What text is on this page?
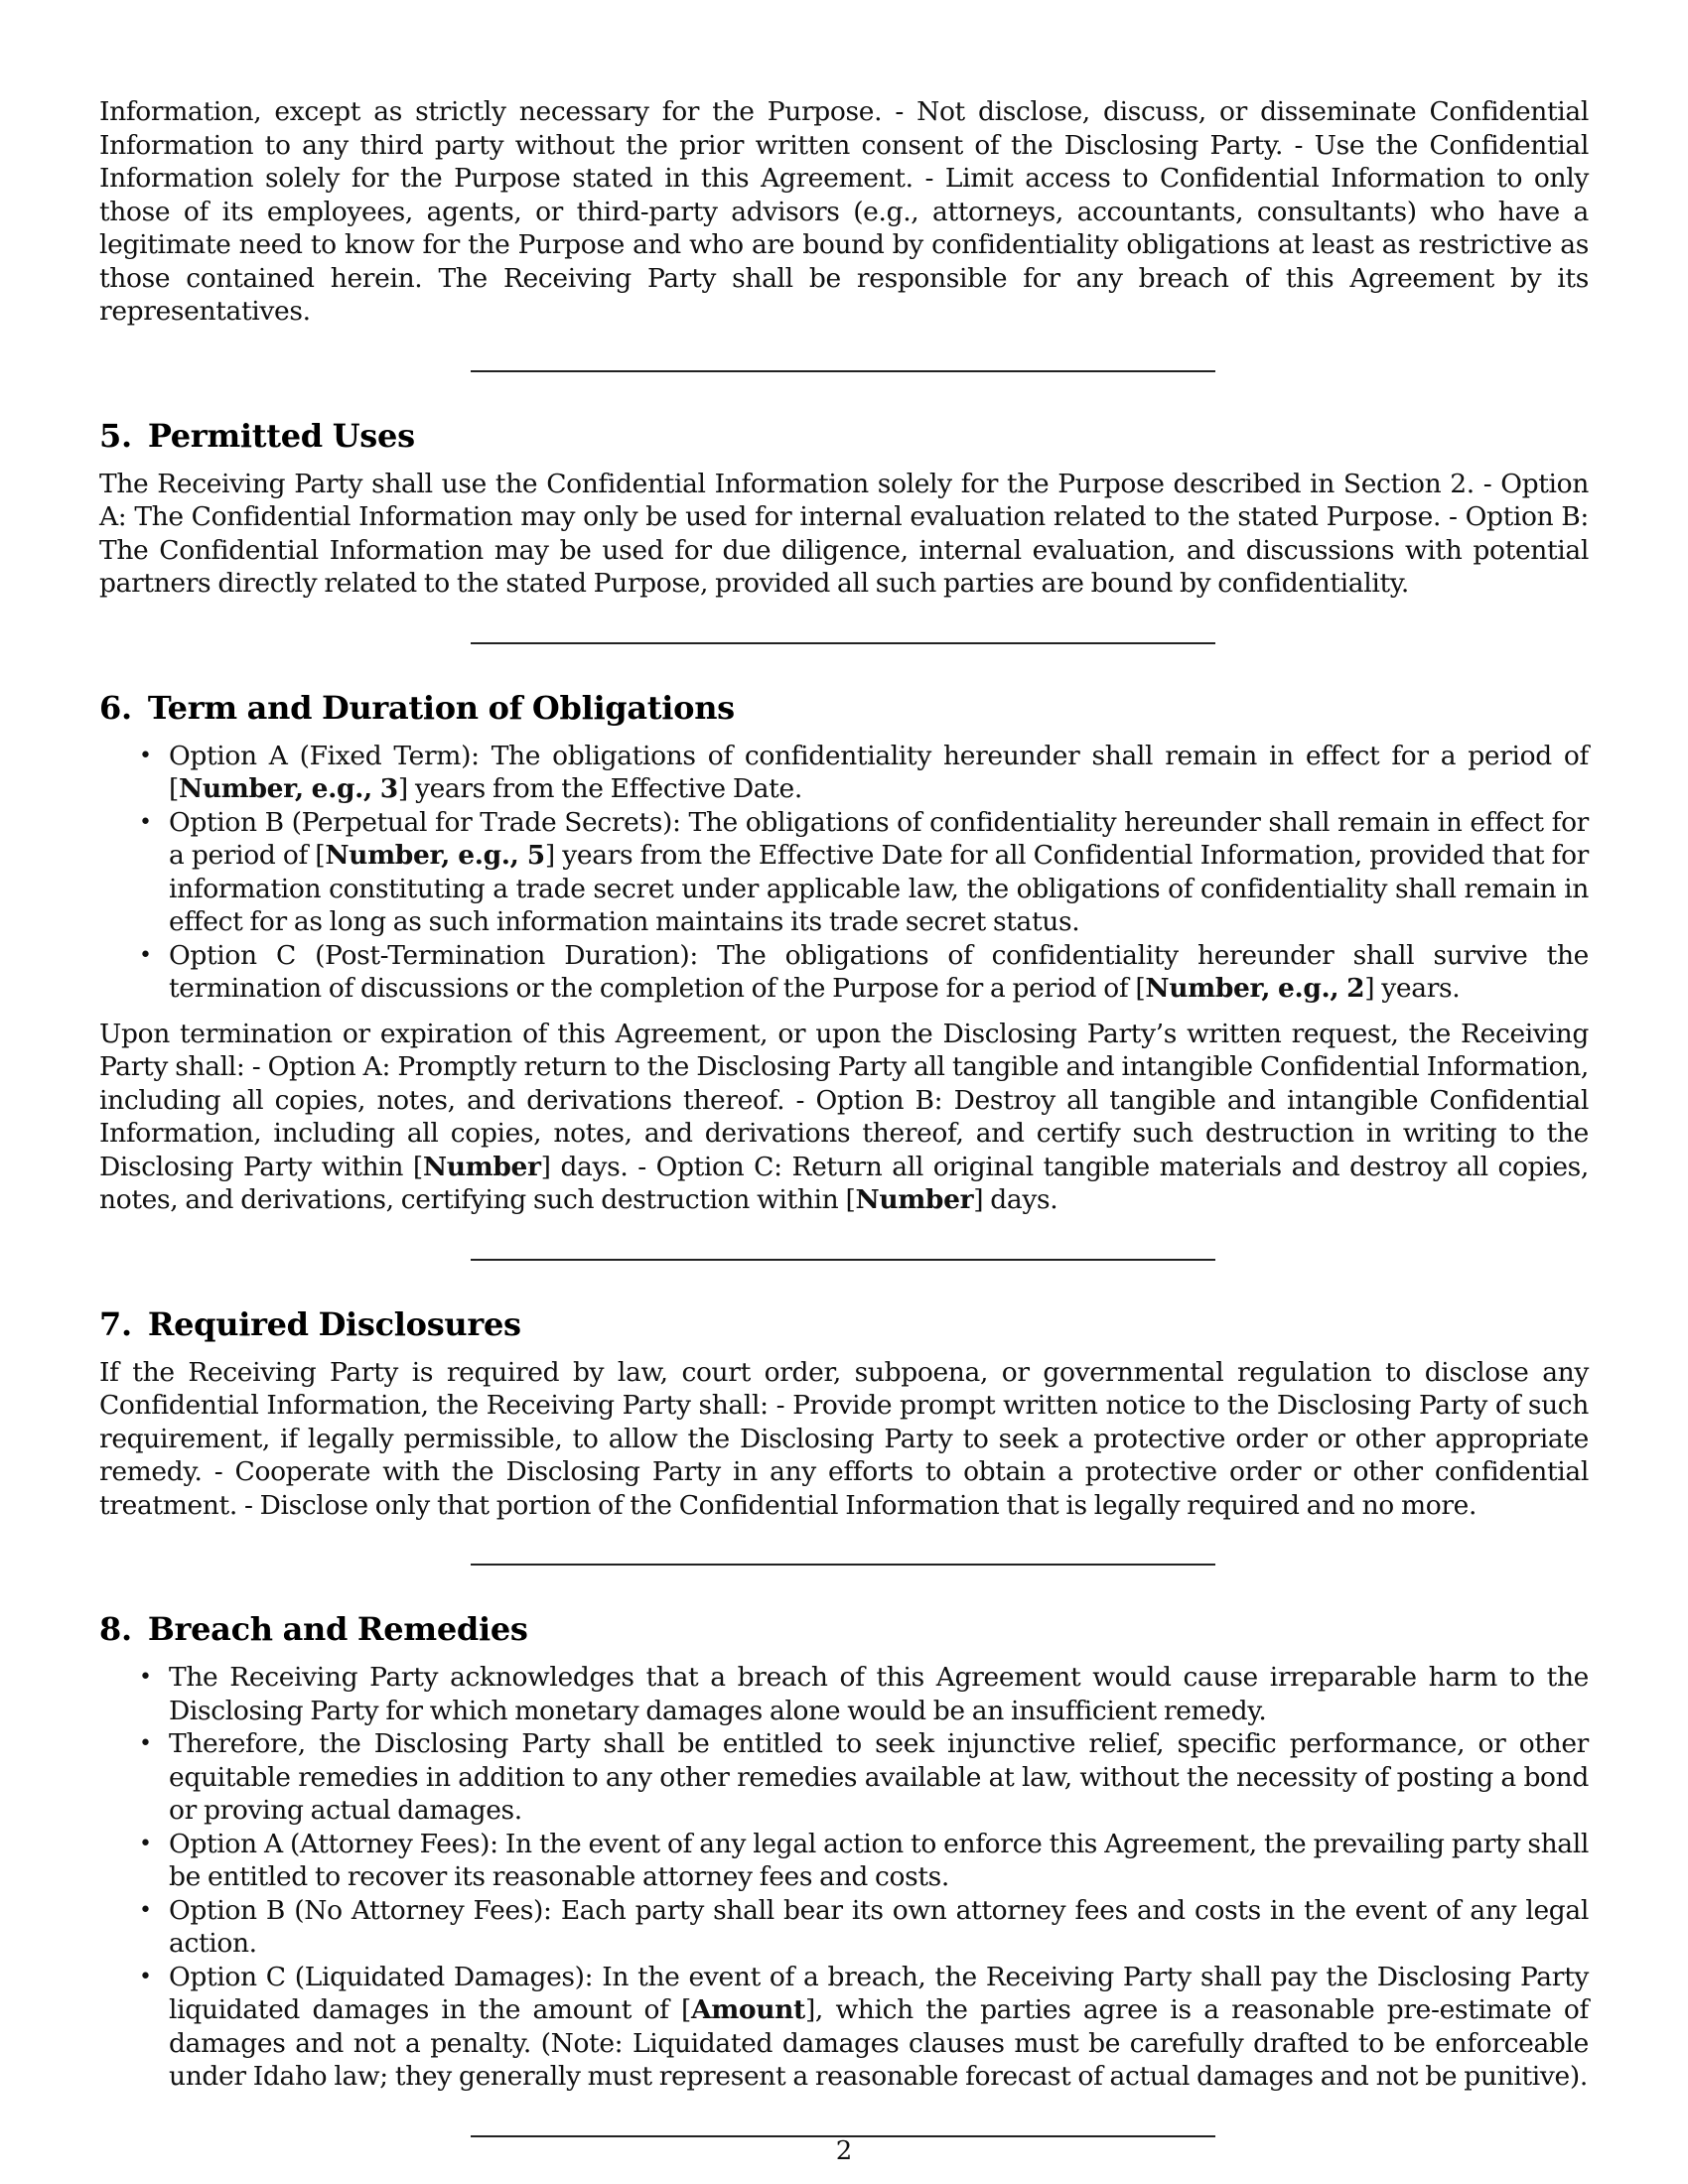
Information, except as strictly necessary for the Purpose. - Not disclose, discuss, or disseminate Confidential Information to any third party without the prior written consent of the Disclosing Party. - Use the Confidential Information solely for the Purpose stated in this Agreement. - Limit access to Confidential Information to only those of its employees, agents, or third-party advisors (e.g., attorneys, accountants, consultants) who have a legitimate need to know for the Purpose and who are bound by confidentiality obligations at least as restrictive as those contained herein. The Receiving Party shall be responsible for any breach of this Agreement by its representatives.

5. Permitted Uses

The Receiving Party shall use the Confidential Information solely for the Purpose described in Section 2. - Option A: The Confidential Information may only be used for internal evaluation related to the stated Purpose. - Option B: The Confidential Information may be used for due diligence, internal evaluation, and discussions with potential partners directly related to the stated Purpose, provided all such parties are bound by confidentiality.

6. Term and Duration of Obligations
• Option A (Fixed Term): The obligations of confidentiality hereunder shall remain in effect for a period of [Number, e.g., 3] years from the Effective Date.
• Option B (Perpetual for Trade Secrets): The obligations of confidentiality hereunder shall remain in effect for a period of [Number, e.g., 5] years from the Effective Date for all Confidential Information, provided that for information constituting a trade secret under applicable law, the obligations of confidentiality shall remain in effect for as long as such information maintains its trade secret status.
• Option C (Post-Termination Duration): The obligations of confidentiality hereunder shall survive the termination of discussions or the completion of the Purpose for a period of [Number, e.g., 2] years.

Upon termination or expiration of this Agreement, or upon the Disclosing Party’s written request, the Receiving Party shall: - Option A: Promptly return to the Disclosing Party all tangible and intangible Confidential Information, including all copies, notes, and derivations thereof. - Option B: Destroy all tangible and intangible Confidential Information, including all copies, notes, and derivations thereof, and certify such destruction in writing to the Disclosing Party within [Number] days. - Option C: Return all original tangible materials and destroy all copies, notes, and derivations, certifying such destruction within [Number] days.

7. Required Disclosures

If the Receiving Party is required by law, court order, subpoena, or governmental regulation to disclose any Confidential Information, the Receiving Party shall: - Provide prompt written notice to the Disclosing Party of such requirement, if legally permissible, to allow the Disclosing Party to seek a protective order or other appropriate remedy. - Cooperate with the Disclosing Party in any efforts to obtain a protective order or other confidential treatment. - Disclose only that portion of the Confidential Information that is legally required and no more.

8. Breach and Remedies
• The Receiving Party acknowledges that a breach of this Agreement would cause irreparable harm to the Disclosing Party for which monetary damages alone would be an insufficient remedy.
• Therefore, the Disclosing Party shall be entitled to seek injunctive relief, specific performance, or other equitable remedies in addition to any other remedies available at law, without the necessity of posting a bond or proving actual damages.
• Option A (Attorney Fees): In the event of any legal action to enforce this Agreement, the prevailing party shall be entitled to recover its reasonable attorney fees and costs.
• Option B (No Attorney Fees): Each party shall bear its own attorney fees and costs in the event of any legal action.
• Option C (Liquidated Damages): In the event of a breach, the Receiving Party shall pay the Disclosing Party liquidated damages in the amount of [Amount], which the parties agree is a reasonable pre-estimate of damages and not a penalty. (Note: Liquidated damages clauses must be carefully drafted to be enforceable under Idaho law; they generally must represent a reasonable forecast of actual damages and not be punitive).
2
